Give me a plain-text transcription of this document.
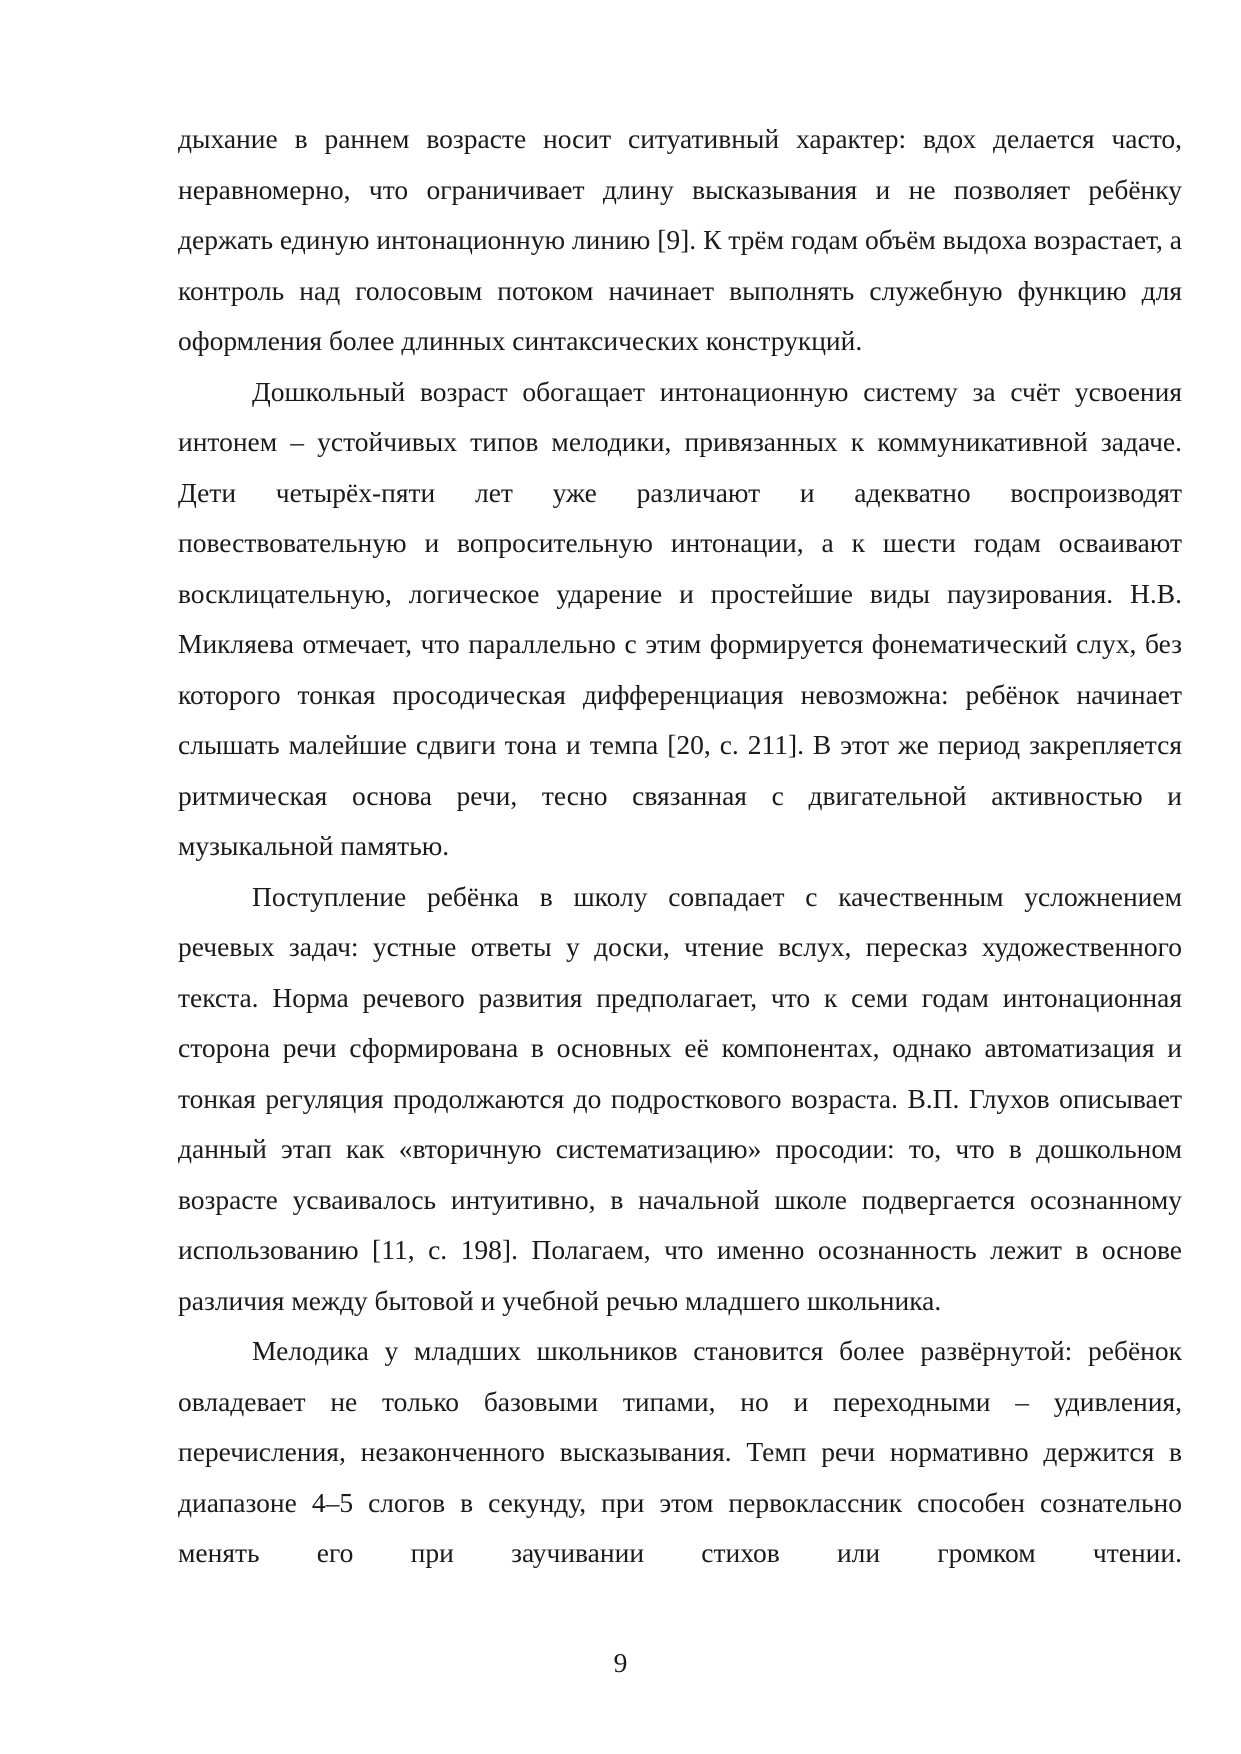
дыхание в раннем возрасте носит ситуативный характер: вдох делается часто, неравномерно, что ограничивает длину высказывания и не позволяет ребёнку держать единую интонационную линию [9]. К трём годам объём выдоха возрастает, а контроль над голосовым потоком начинает выполнять служебную функцию для оформления более длинных синтаксических конструкций.

Дошкольный возраст обогащает интонационную систему за счёт усвоения интонем – устойчивых типов мелодики, привязанных к коммуникативной задаче. Дети четырёх-пяти лет уже различают и адекватно воспроизводят повествовательную и вопросительную интонации, а к шести годам осваивают восклицательную, логическое ударение и простейшие виды паузирования. Н.В. Микляева отмечает, что параллельно с этим формируется фонематический слух, без которого тонкая просодическая дифференциация невозможна: ребёнок начинает слышать малейшие сдвиги тона и темпа [20, с. 211]. В этот же период закрепляется ритмическая основа речи, тесно связанная с двигательной активностью и музыкальной памятью.

Поступление ребёнка в школу совпадает с качественным усложнением речевых задач: устные ответы у доски, чтение вслух, пересказ художественного текста. Норма речевого развития предполагает, что к семи годам интонационная сторона речи сформирована в основных её компонентах, однако автоматизация и тонкая регуляция продолжаются до подросткового возраста. В.П. Глухов описывает данный этап как «вторичную систематизацию» просодии: то, что в дошкольном возрасте усваивалось интуитивно, в начальной школе подвергается осознанному использованию [11, с. 198]. Полагаем, что именно осознанность лежит в основе различия между бытовой и учебной речью младшего школьника.

Мелодика у младших школьников становится более развёрнутой: ребёнок овладевает не только базовыми типами, но и переходными – удивления, перечисления, незаконченного высказывания. Темп речи нормативно держится в диапазоне 4–5 слогов в секунду, при этом первоклассник способен сознательно менять его при заучивании стихов или громком чтении.

9
